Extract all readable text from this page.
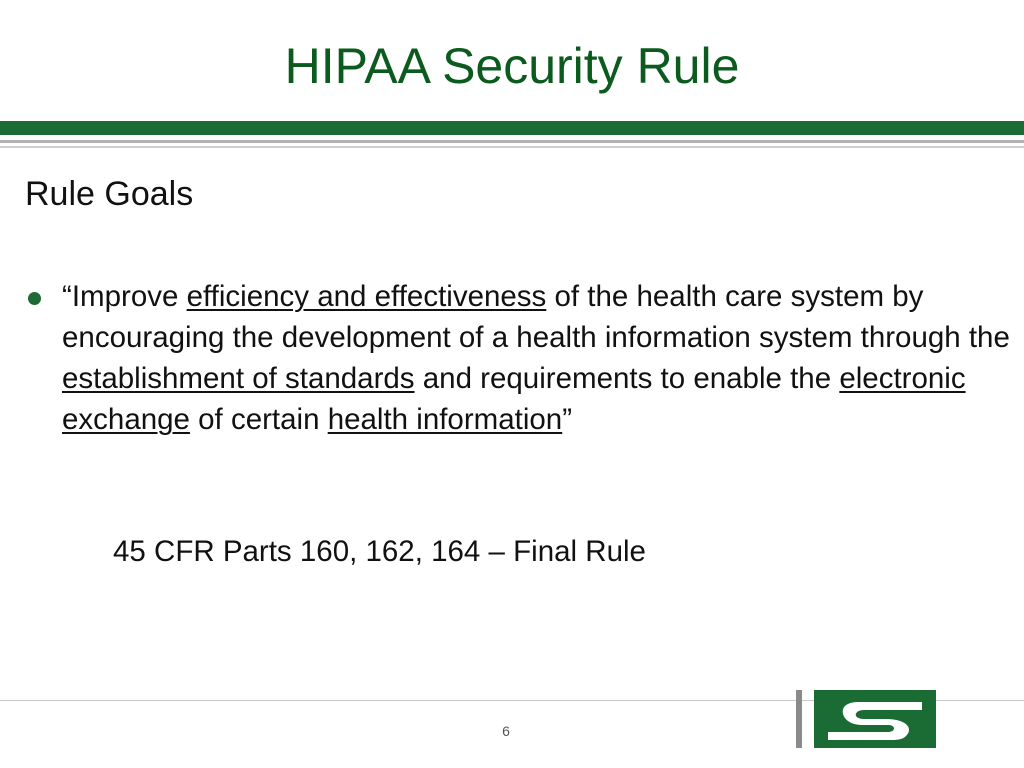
HIPAA Security Rule
Rule Goals
“Improve efficiency and effectiveness of the health care system by encouraging the development of a health information system through the establishment of standards and requirements to enable the electronic exchange of certain health information”
45 CFR Parts 160, 162, 164 – Final Rule
6
